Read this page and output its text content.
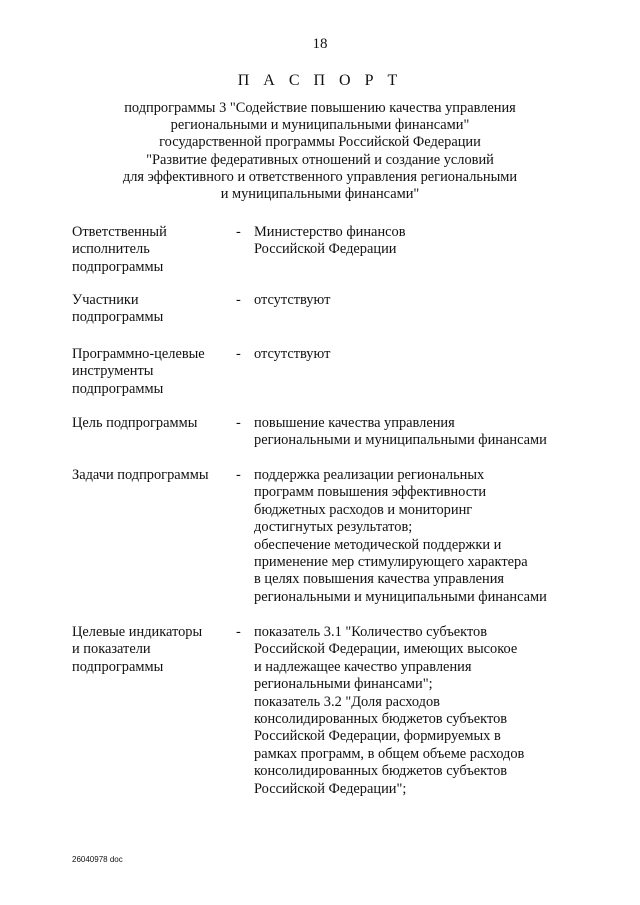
18
П А С П О Р Т
подпрограммы 3 "Содействие повышению качества управления
региональными и муниципальными финансами"
государственной программы Российской Федерации
"Развитие федеративных отношений и создание условий
для эффективного и ответственного управления региональными
и муниципальными финансами"
Ответственный
исполнитель
подпрограммы
- Министерство финансов
Российской Федерации
Участники
подпрограммы
- отсутствуют
Программно-целевые
инструменты
подпрограммы
- отсутствуют
Цель подпрограммы	- повышение качества управления
региональными и муниципальными финансами
Задачи подпрограммы	- поддержка реализации региональных
программ повышения эффективности
бюджетных расходов и мониторинг
достигнутых результатов;
обеспечение методической поддержки и
применение мер стимулирующего характера
в целях повышения качества управления
региональными и муниципальными финансами
Целевые индикаторы
и показатели
подпрограммы
- показатель 3.1 "Количество субъектов
Российской Федерации, имеющих высокое
и надлежащее качество управления
региональными финансами";
показатель 3.2 "Доля расходов
консолидированных бюджетов субъектов
Российской Федерации, формируемых в
рамках программ, в общем объеме расходов
консолидированных бюджетов субъектов
Российской Федерации";
26040978 doc
